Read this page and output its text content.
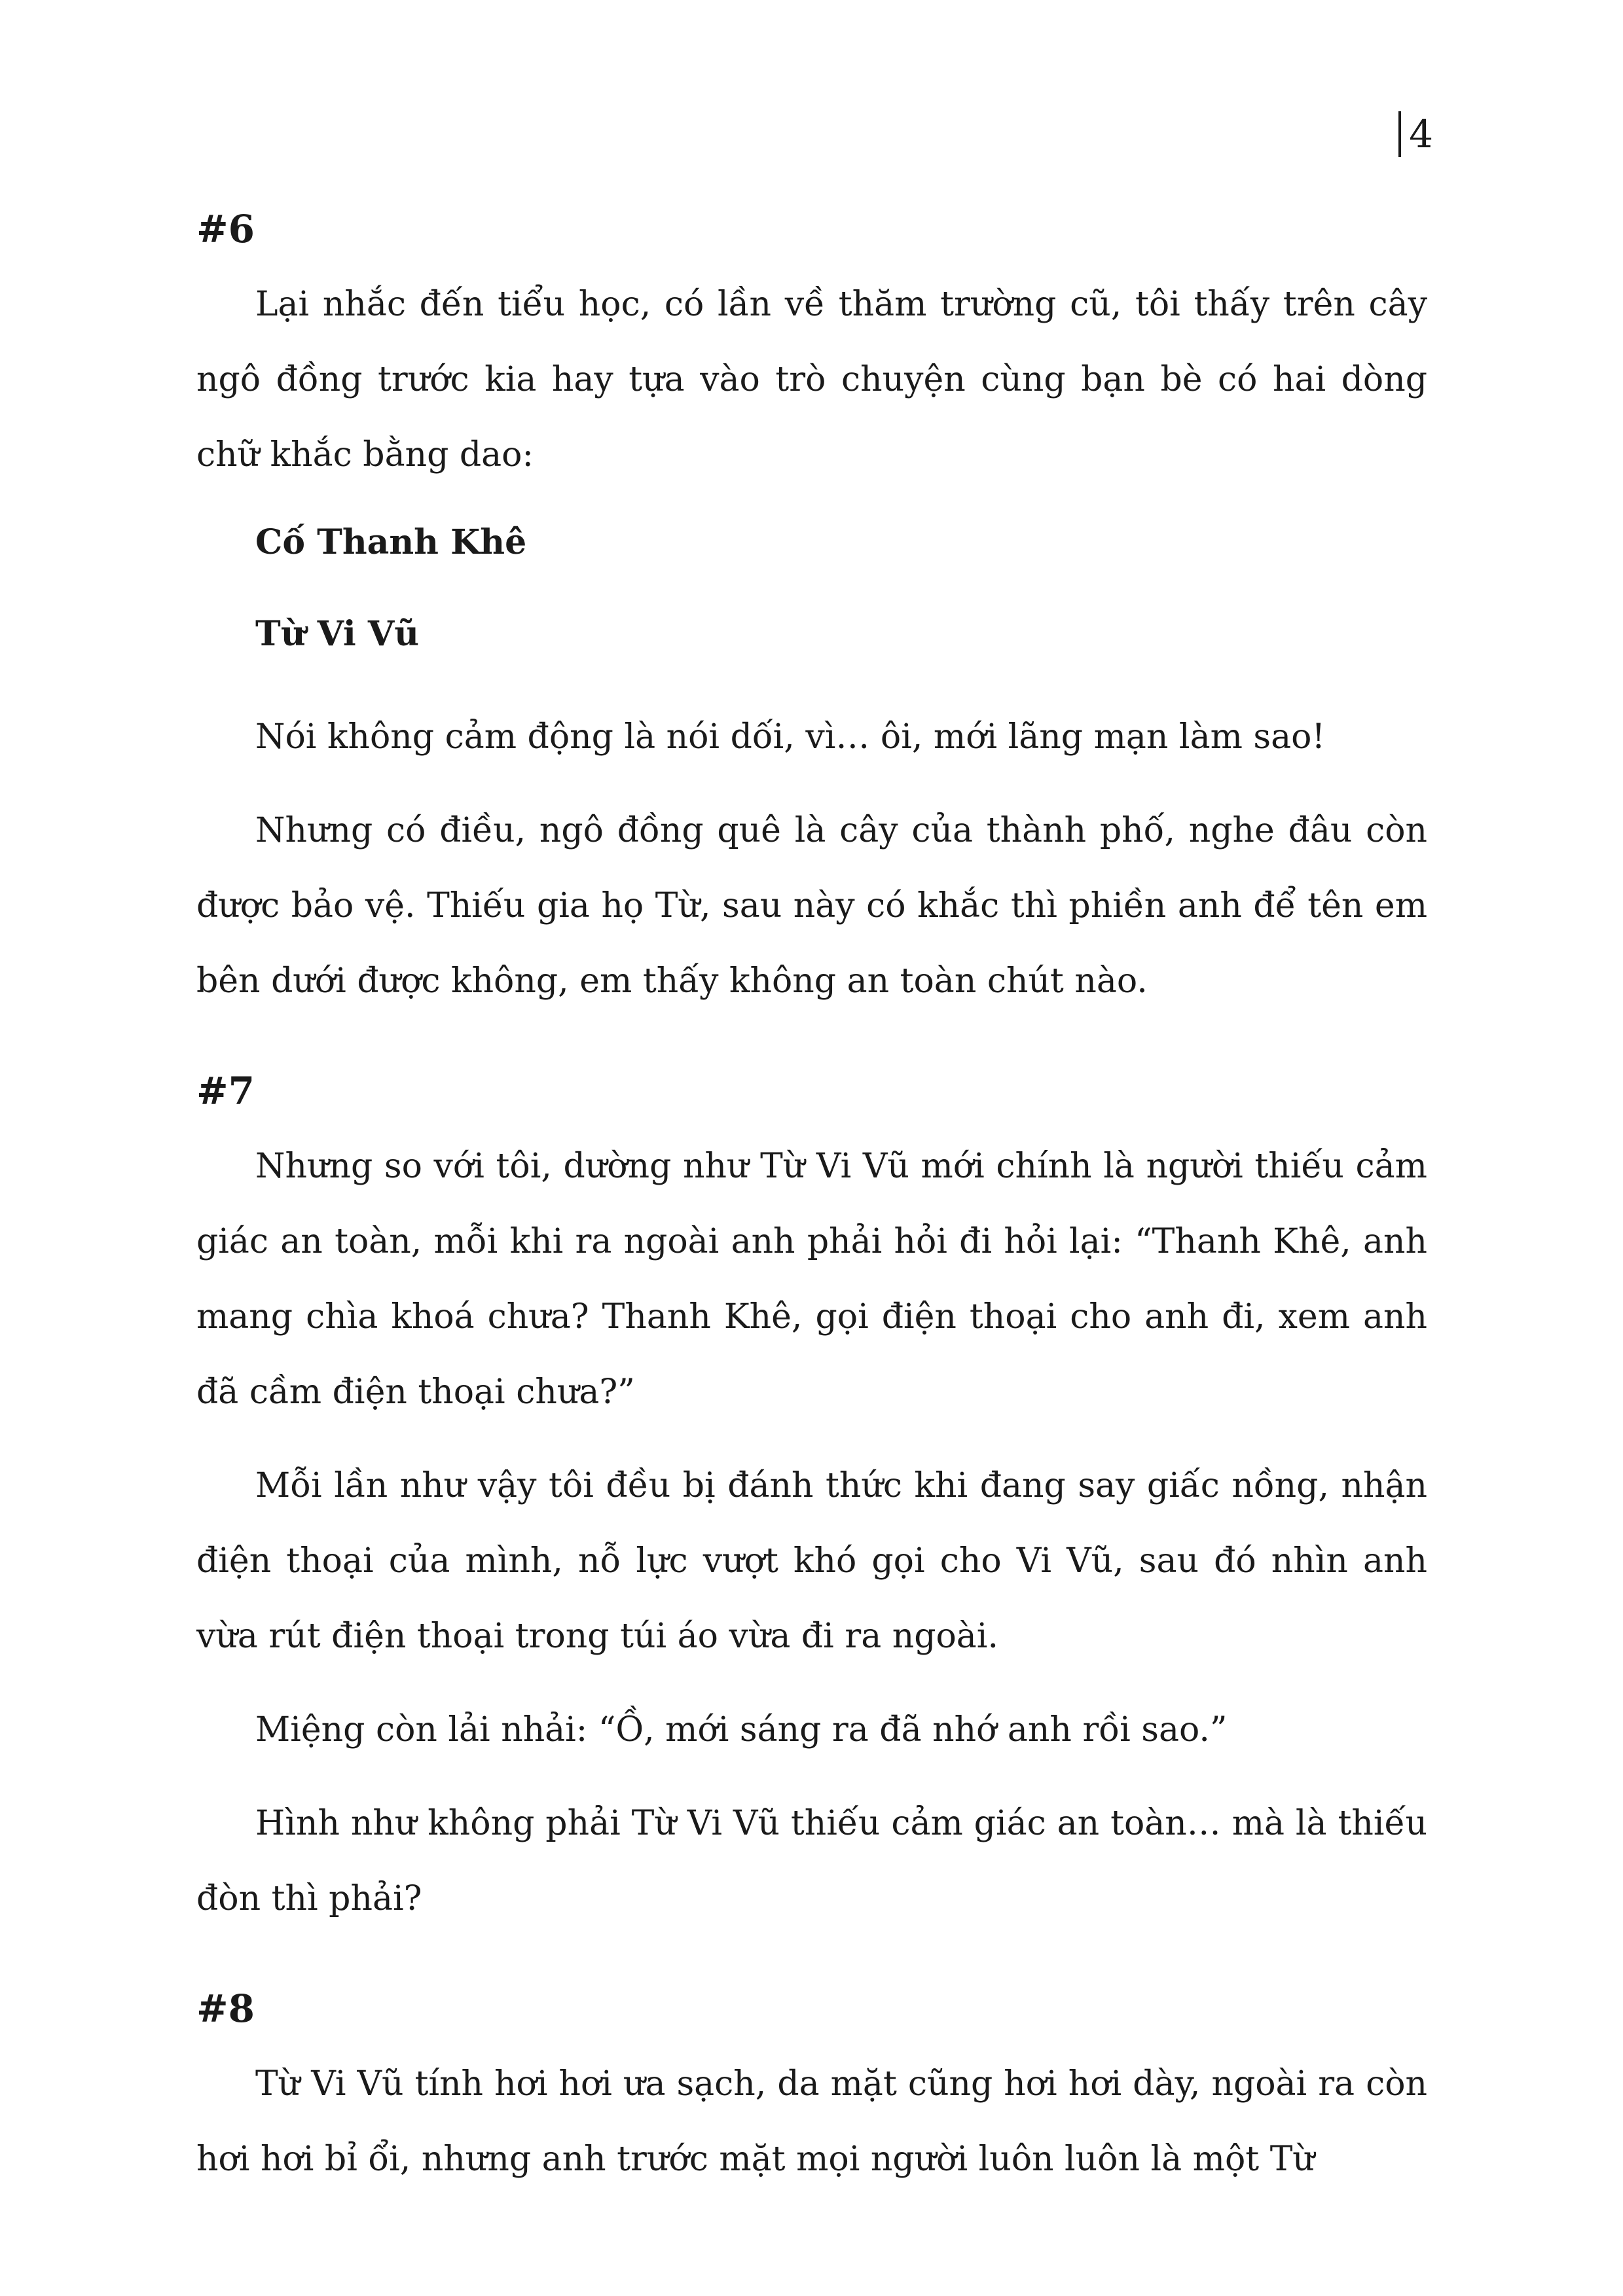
4
#6

Lại nhắc đến tiểu học, có lần về thăm trường cũ, tôi thấy trên cây ngô đồng trước kia hay tựa vào trò chuyện cùng bạn bè có hai dòng chữ khắc bằng dao:

Cố Thanh Khê
Từ Vi Vũ

Nói không cảm động là nói dối, vì… ôi, mới lãng mạn làm sao!

Nhưng có điều, ngô đồng quê là cây của thành phố, nghe đâu còn được bảo vệ. Thiếu gia họ Từ, sau này có khắc thì phiền anh để tên em bên dưới được không, em thấy không an toàn chút nào.

#7

Nhưng so với tôi, dường như Từ Vi Vũ mới chính là người thiếu cảm giác an toàn, mỗi khi ra ngoài anh phải hỏi đi hỏi lại: “Thanh Khê, anh mang chìa khoá chưa? Thanh Khê, gọi điện thoại cho anh đi, xem anh đã cầm điện thoại chưa?”

Mỗi lần như vậy tôi đều bị đánh thức khi đang say giấc nồng, nhận điện thoại của mình, nỗ lực vượt khó gọi cho Vi Vũ, sau đó nhìn anh vừa rút điện thoại trong túi áo vừa đi ra ngoài.

Miệng còn lải nhải: “Ồ, mới sáng ra đã nhớ anh rồi sao.”

Hình như không phải Từ Vi Vũ thiếu cảm giác an toàn… mà là thiếu đòn thì phải?

#8

Từ Vi Vũ tính hơi hơi ưa sạch, da mặt cũng hơi hơi dày, ngoài ra còn hơi hơi bỉ ổi, nhưng anh trước mặt mọi người luôn luôn là một Từ
